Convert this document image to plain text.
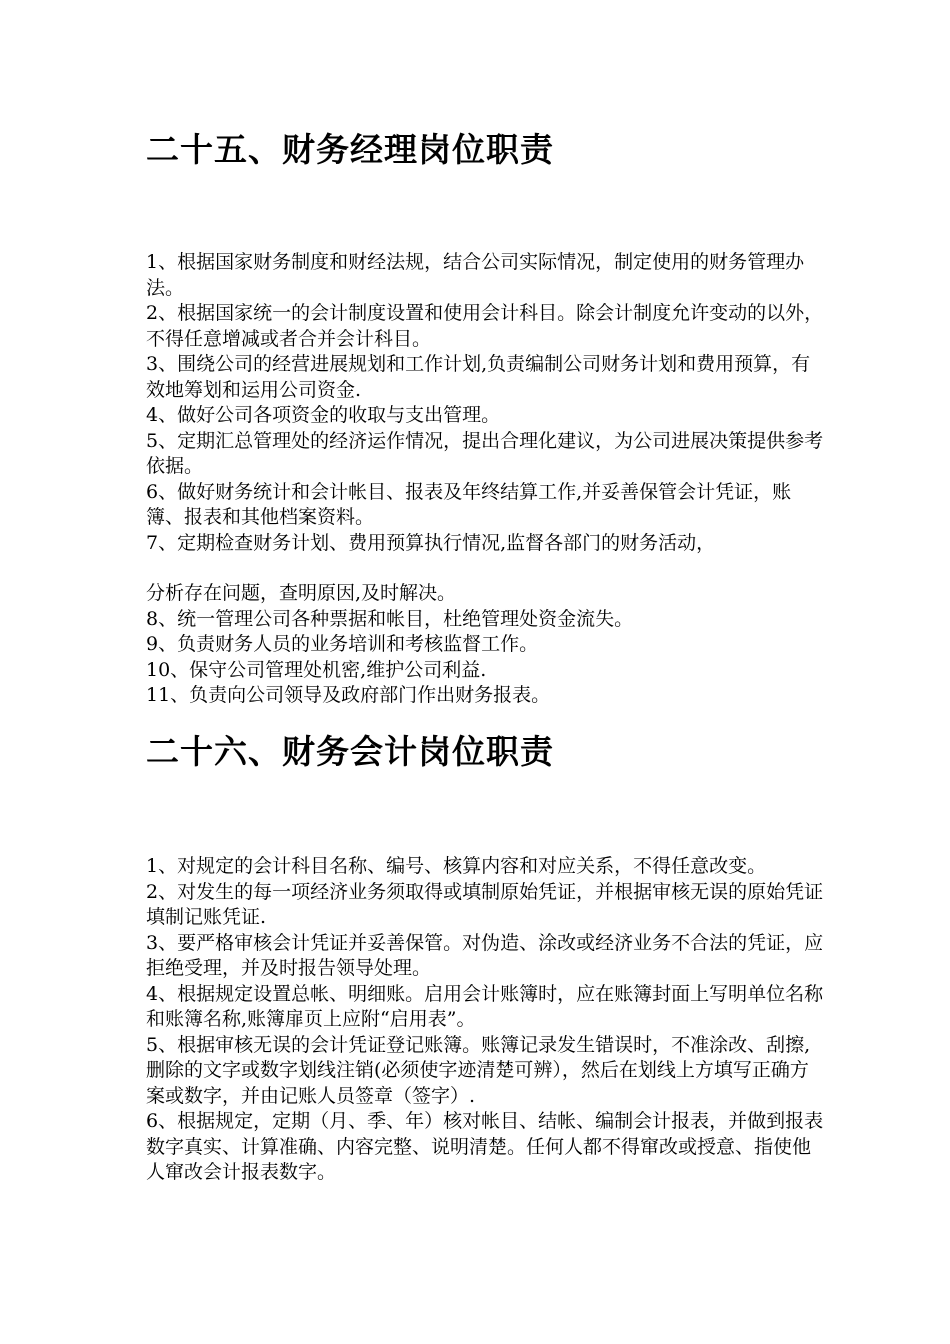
二十五、财务经理岗位职责
1、根据国家财务制度和财经法规，结合公司实际情况，制定使用的财务管理办法。
2、根据国家统一的会计制度设置和使用会计科目。除会计制度允许变动的以外，不得任意增减或者合并会计科目。
3、围绕公司的经营进展规划和工作计划,负责编制公司财务计划和费用预算，有效地筹划和运用公司资金.
4、做好公司各项资金的收取与支出管理。
5、定期汇总管理处的经济运作情况，提出合理化建议，为公司进展决策提供参考依据。
6、做好财务统计和会计帐目、报表及年终结算工作,并妥善保管会计凭证，账簿、报表和其他档案资料。
7、定期检查财务计划、费用预算执行情况,监督各部门的财务活动，
分析存在问题，查明原因,及时解决。
8、统一管理公司各种票据和帐目，杜绝管理处资金流失。
9、负责财务人员的业务培训和考核监督工作。
10、保守公司管理处机密,维护公司利益.
11、负责向公司领导及政府部门作出财务报表。
二十六、财务会计岗位职责
1、对规定的会计科目名称、编号、核算内容和对应关系，不得任意改变。
2、对发生的每一项经济业务须取得或填制原始凭证，并根据审核无误的原始凭证填制记账凭证.
3、要严格审核会计凭证并妥善保管。对伪造、涂改或经济业务不合法的凭证，应拒绝受理，并及时报告领导处理。
4、根据规定设置总帐、明细账。启用会计账簿时，应在账簿封面上写明单位名称和账簿名称,账簿扉页上应附“启用表”。
5、根据审核无误的会计凭证登记账簿。账簿记录发生错误时，不准涂改、刮擦,删除的文字或数字划线注销(必须使字迹清楚可辨），然后在划线上方填写正确方案或数字，并由记账人员签章（签字）.
6、根据规定，定期（月、季、年）核对帐目、结帐、编制会计报表，并做到报表数字真实、计算准确、内容完整、说明清楚。任何人都不得窜改或授意、指使他人窜改会计报表数字。
